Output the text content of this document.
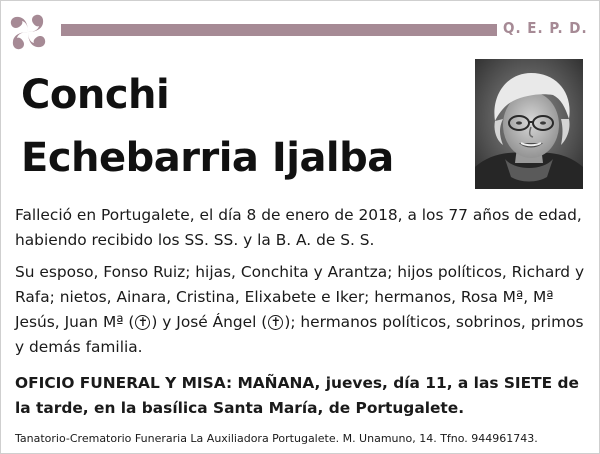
Q. E. P. D.
Conchi
Echebarria Ijalba
Falleció en Portugalete, el día 8 de enero de 2018, a los 77 años de edad, habiendo recibido los SS. SS. y la B. A. de S. S.
Su esposo, Fonso Ruiz; hijas, Conchita y Arantza; hijos políticos, Richard y Rafa; nietos, Ainara, Cristina, Elixabete e Iker; hermanos, Rosa Mª, Mª Jesús, Juan Mª ( ✝ ) y José Ángel ( ✝ ); hermanos políticos, sobrinos, primos y demás familia.
OFICIO FUNERAL Y MISA: MAÑANA, jueves, día 11, a las SIETE de la tarde, en la basílica Santa María, de Portugalete.
Tanatorio-Crematorio Funeraria La Auxiliadora Portugalete. M. Unamuno, 14. Tfno. 944961743.
